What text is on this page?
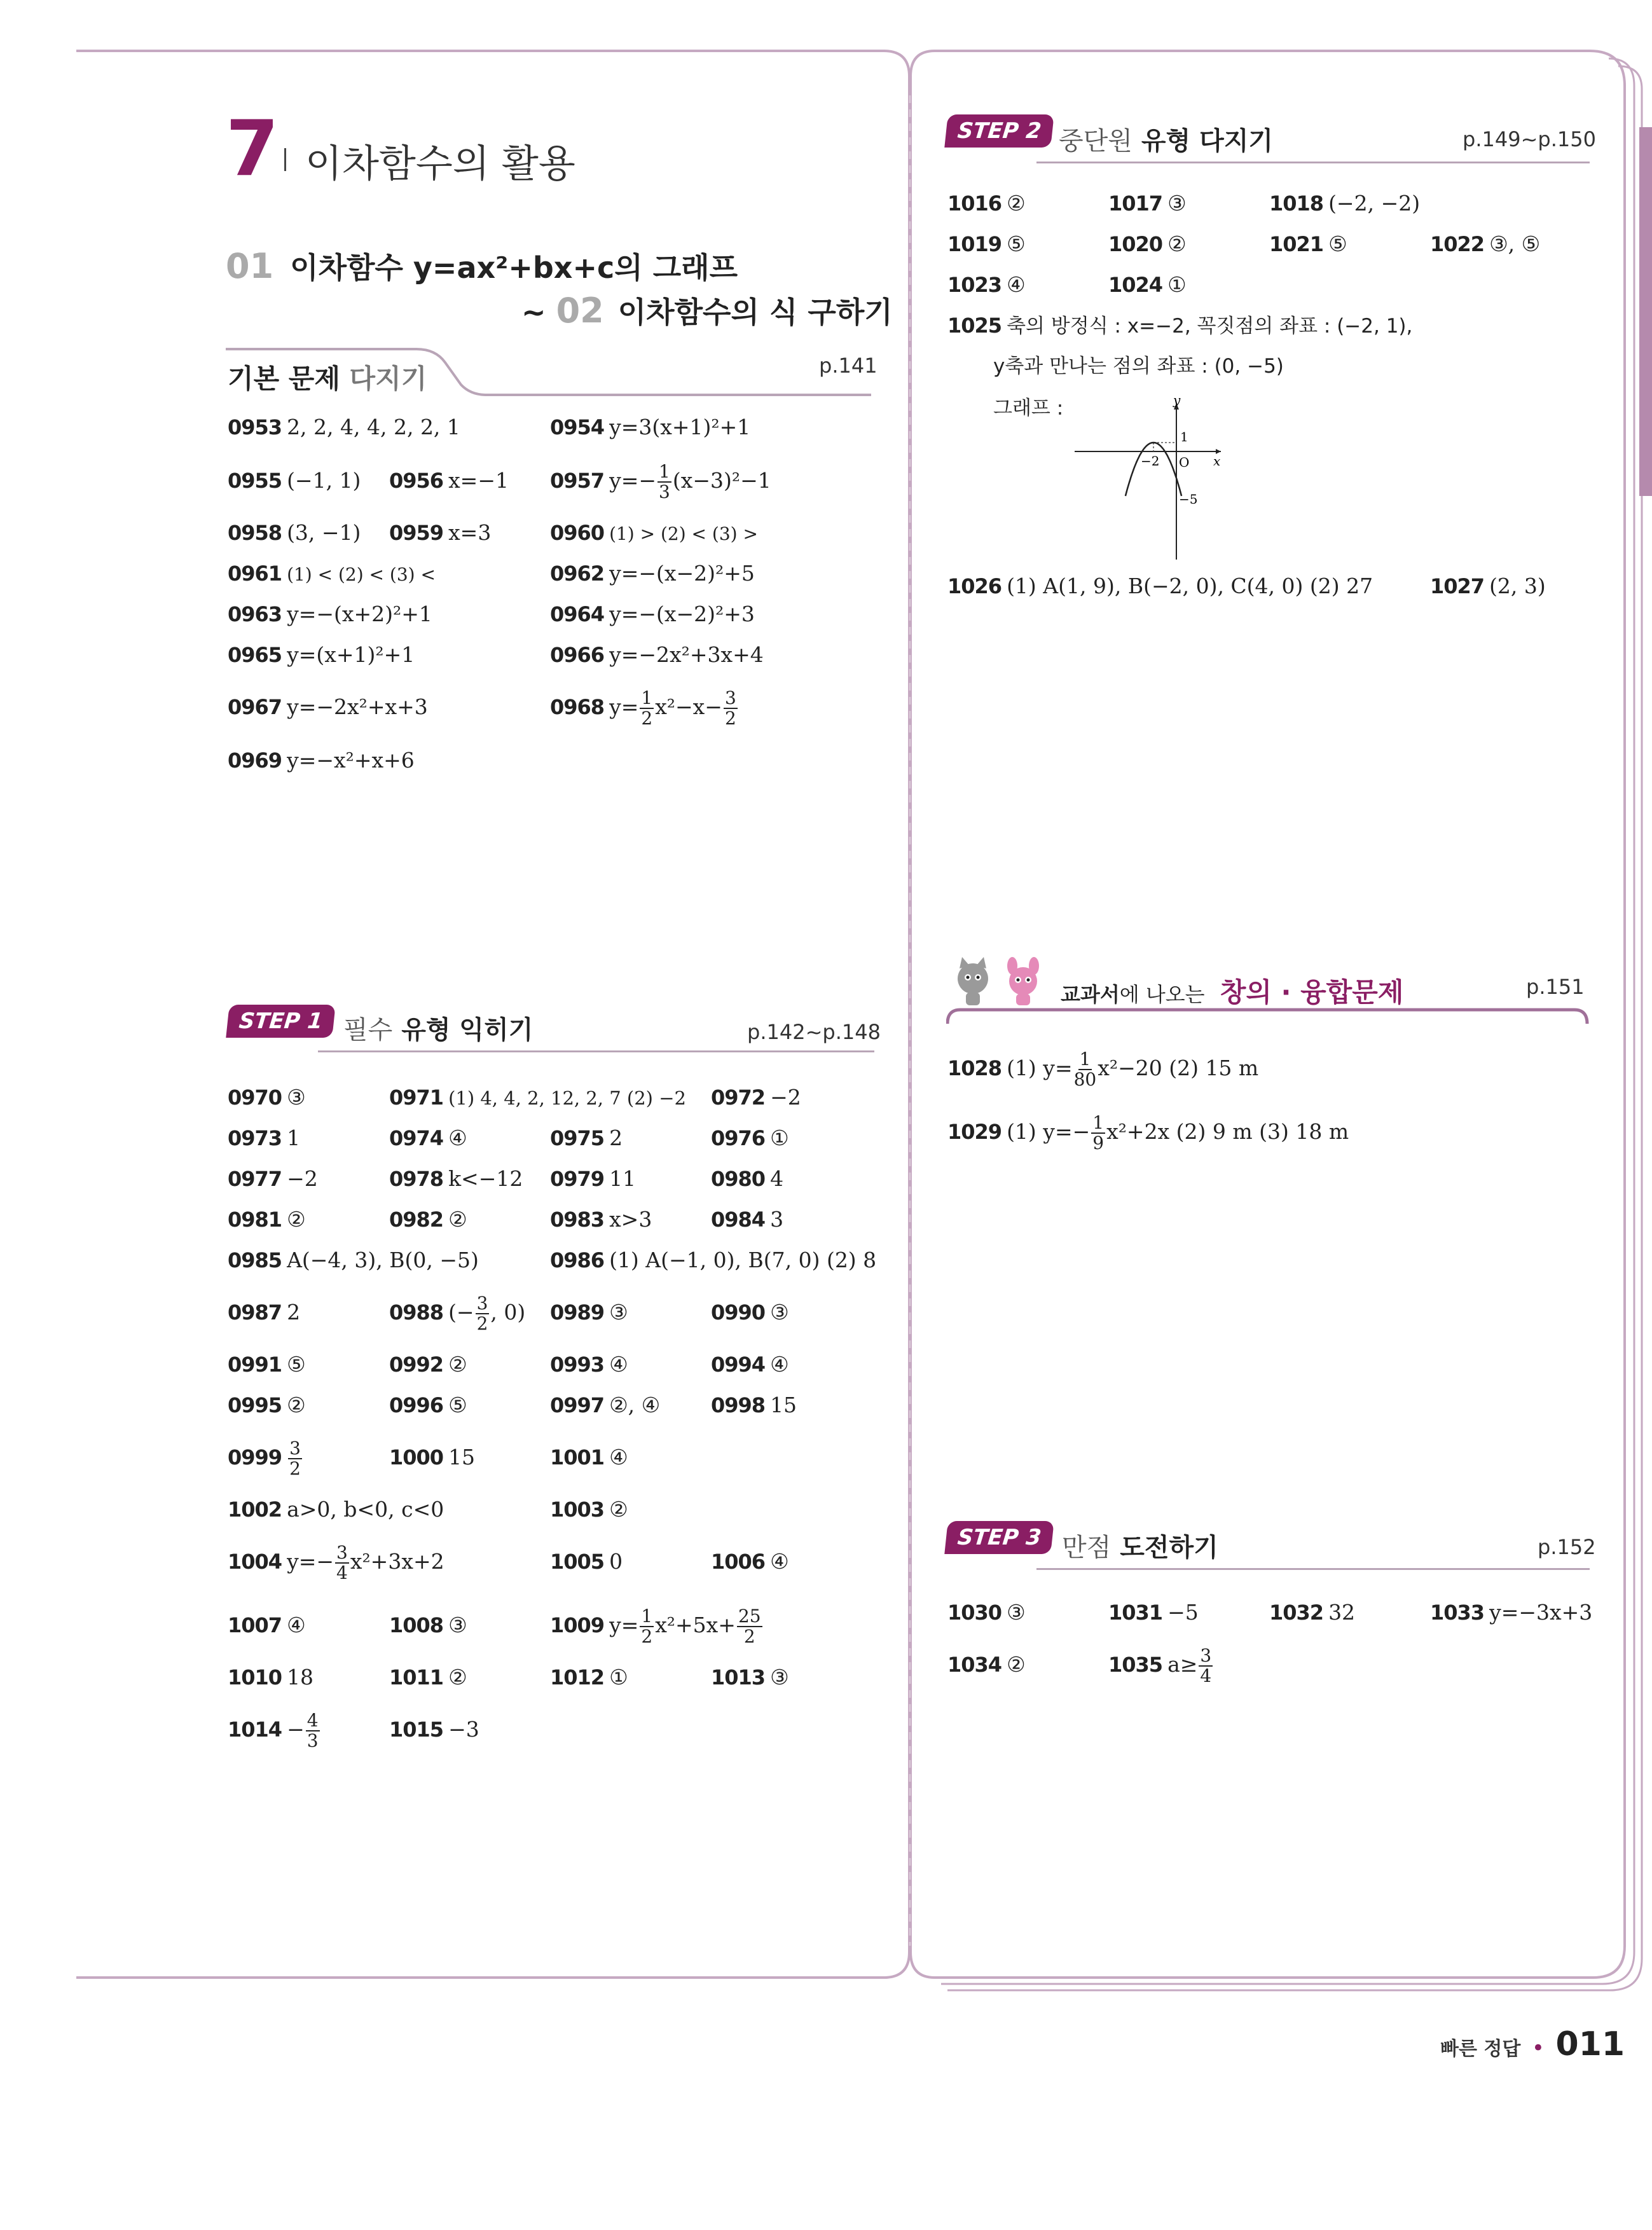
7 이차함수의 활용
01 이차함수 y=ax²+bx+c의 그래프
~ 02 이차함수의 식 구하기
기본 문제 다지기	p.141
0953 2, 2, 4, 4, 2, 2, 1	0954 y=3(x+1)²+1
0955 (−1, 1) 0956 x=−1 0957 $y=- \frac{1}{3} (x-3)^2-1$
0958 (3, −1) 0959 x=3	0960 (1) > (2) < (3) >
0961 (1) < (2) < (3) <	0962 y=−(x−2)²+5
0963 y=−(x+2)²+1	0964 y=−(x−2)²+3
0965 y=(x+1)²+1	0966 y=−2x²+3x+4
0967 y=−2x²+x+3	0968 $y= \frac{1}{2} x^2-x- \frac{3}{2}$
0969 y=−x²+x+6
STEP 1 필수 유형 익히기	p.142~p.148
0970 ③	0971 (1) 4, 4, 2, 12, 2, 7 (2) −2 0972 −2
0973 1	0974 ④	0975 2	0976 ①
0977 −2	0978 k<−12 0979 11	0980 4
0981 ②	0982 ②	0983 x>3	0984 3
0985 A(−4, 3), B(0, −5)	0986 (1) A(−1, 0), B(7, 0) (2) 8
0987 2	0988 (− $\frac{3}{2}$ , 0) 0989 ③	0990 ③
0991 ⑤	0992 ②	0993 ④	0994 ④
0995 ②	0996 ⑤	0997 ②, ④ 0998 15
$0999 \frac{3}{2}$	1000 15	1001 ④
1002 a>0, b<0, c<0	1003 ②
1004 $y=- \frac{3}{4} x^2+3x+2$	1005 0	1006 ④
1007 ④	1008 ③	1009 $y= \frac{1}{2} x^2+5x+ \frac{25}{2}$
1010 18	1011 ②	1012 ①	1013 ③
$1014 - \frac{4}{3}$	1015 −3
STEP 2 중단원 유형 다지기	p.149~p.150
1016 ②	1017 ③	1018 (−2, −2)
1019 ⑤	1020 ②	1021 ⑤	1022 ③, ⑤
1023 ④	1024 ①
1025 축의 방정식 : x=−2, 꼭짓점의 좌표 : (−2, 1),
y축과 만나는 점의 좌표 : (0, −5)
그래프 :	y
x
O
1
−2
−5
1026 (1) A(1, 9), B(−2, 0), C(4, 0) (2) 27	1027 (2, 3)
교과서에 나오는 창의 · 융합문제	p.151
1028 (1) $y= \frac{1}{80} x^2-20$ (2) 15 m
1029 (1) $y=- \frac{1}{9} x^2+2x$ (2) 9 m (3) 18 m
STEP 3 만점 도전하기	p.152
1030 ③	1031 −5	1032 32	1033 y=−3x+3
1034 ②	1035 $a\ge \frac{3}{4}$
빠른 정답 • 011
